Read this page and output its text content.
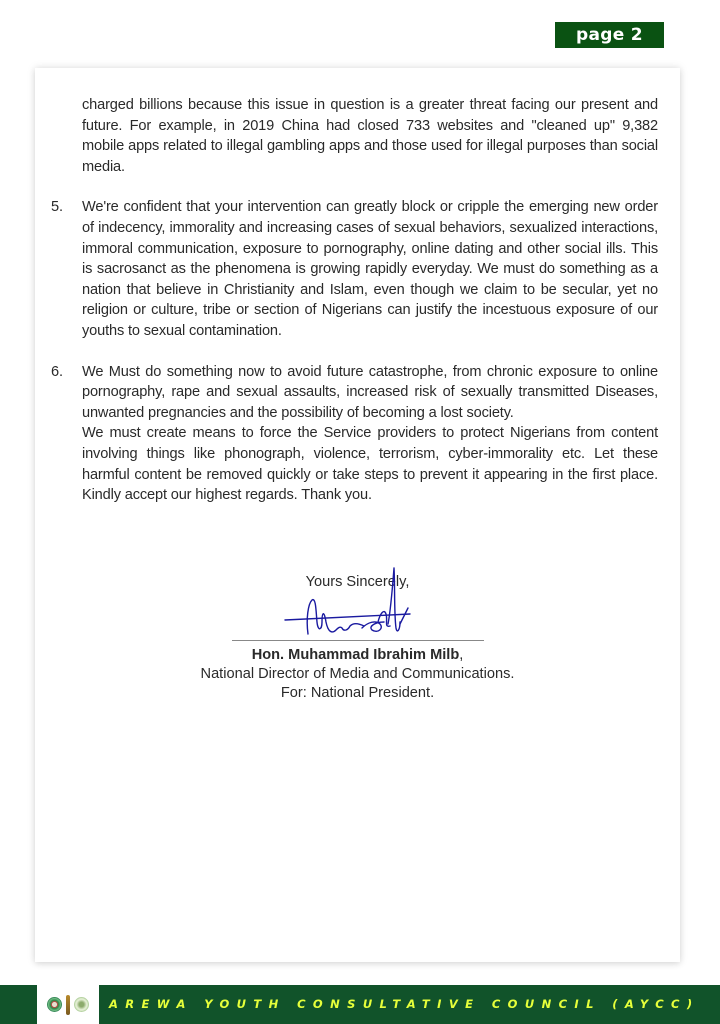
page 2

charged billions because this issue in question is a greater threat facing our present and future. For example, in 2019 China had closed 733 websites and "cleaned up" 9,382 mobile apps related to illegal gambling apps and those used for illegal purposes than social media.

5.	We're confident that your intervention can greatly block or cripple the emerging new order of indecency, immorality and increasing cases of sexual behaviors, sexualized interactions, immoral communication, exposure to pornography, online dating and other social ills. This is sacrosanct as the phenomena is growing rapidly everyday. We must do something as a nation that believe in Christianity and Islam, even though we claim to be secular, yet no religion or culture, tribe or section of Nigerians can justify the incestuous exposure of our youths to sexual contamination.

6.	We Must do something now to avoid future catastrophe, from chronic exposure to online pornography, rape and sexual assaults, increased risk of sexually transmitted Diseases, unwanted pregnancies and the possibility of becoming a lost society.

We must create means to force the Service providers to protect Nigerians from content involving things like phonograph, violence, terrorism, cyber-immorality etc. Let these harmful content be removed quickly or take steps to prevent it appearing in the first place. Kindly accept our highest regards. Thank you.

Yours Sincerely,
Hon. Muhammad Ibrahim Milb,
National Director of Media and Communications.
For: National President.
AREWA YOUTH CONSULTATIVE COUNCIL (AYCC)
